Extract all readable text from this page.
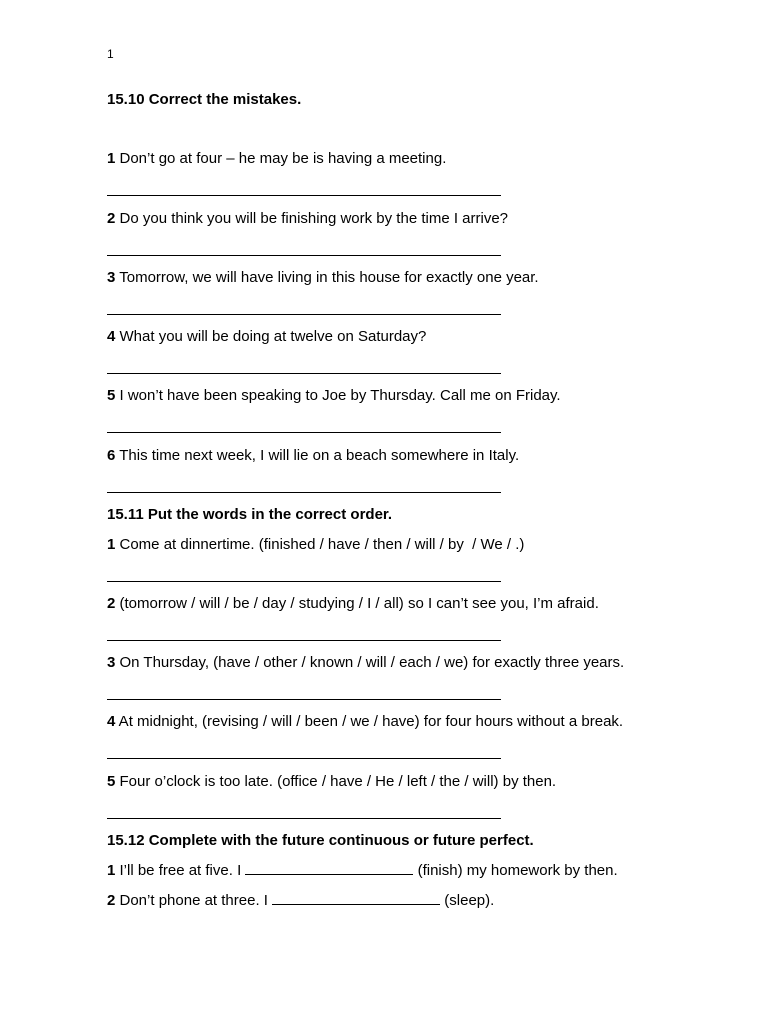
1
15.10 Correct the mistakes.
1 Don’t go at four – he may be is having a meeting.
2 Do you think you will be finishing work by the time I arrive?
3 Tomorrow, we will have living in this house for exactly one year.
4 What you will be doing at twelve on Saturday?
5 I won’t have been speaking to Joe by Thursday. Call me on Friday.
6 This time next week, I will lie on a beach somewhere in Italy.
15.11 Put the words in the correct order.
1 Come at dinnertime. (finished / have / then / will / by  / We / .)
2 (tomorrow / will / be / day / studying / I / all) so I can’t see you, I’m afraid.
3 On Thursday, (have / other / known / will / each / we) for exactly three years.
4 At midnight, (revising / will / been / we / have) for four hours without a break.
5 Four o’clock is too late. (office / have / He / left / the / will) by then.
15.12 Complete with the future continuous or future perfect.
1 I’ll be free at five. I	(finish) my homework by then.
2 Don’t phone at three. I	(sleep).
